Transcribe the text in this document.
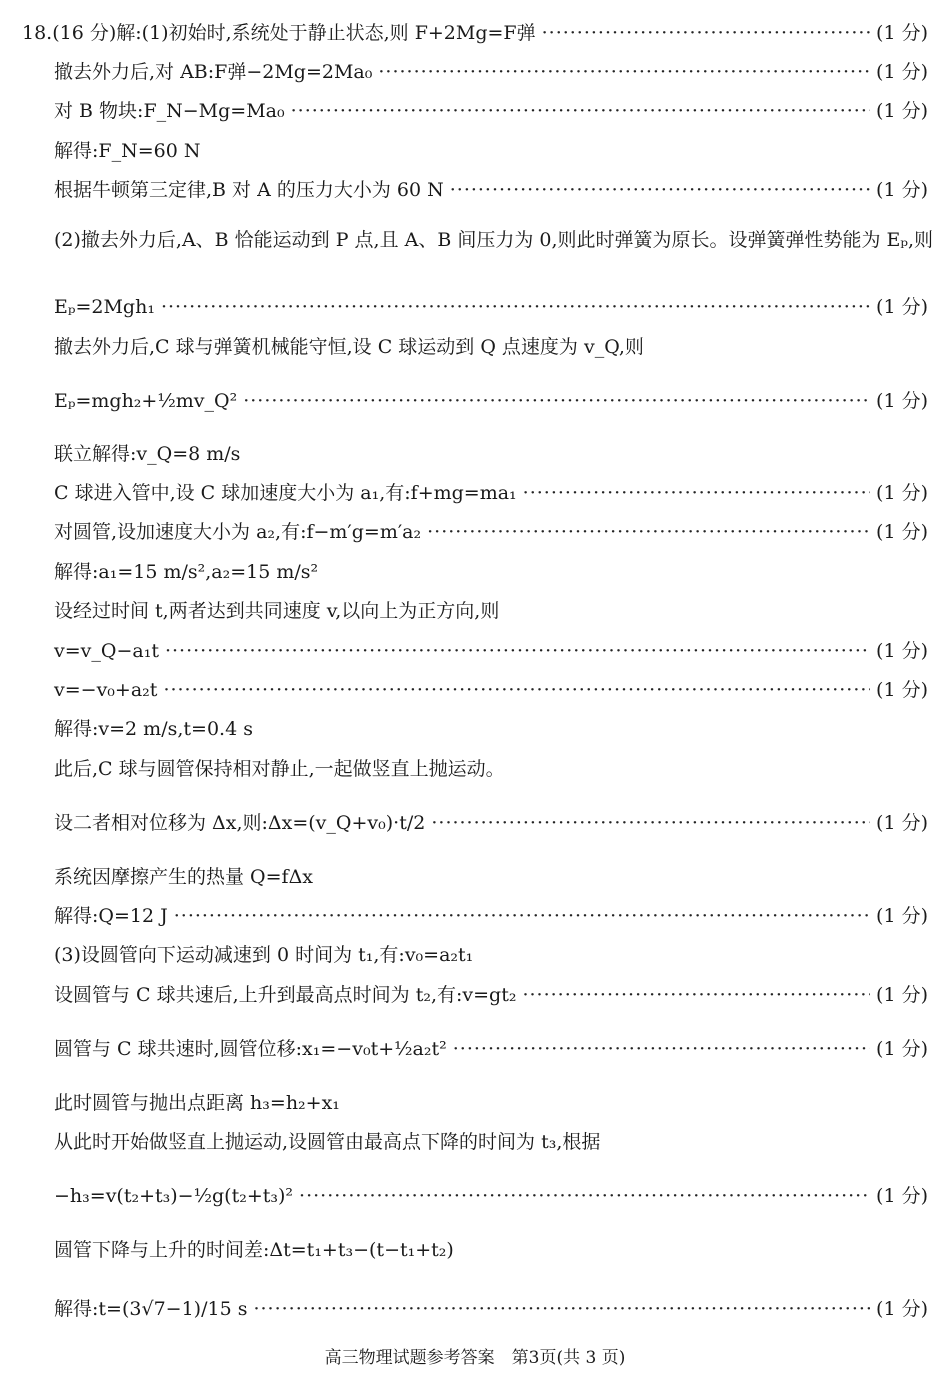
18.(16 分)解:(1)初始时,系统处于静止状态,则 F+2Mg=F弹 ·····	(1 分)
撤去外力后,对 AB:F弹−2Mg=2Ma₀ ·····	(1 分)
对 B 物块:F_N−Mg=Ma₀ ·····	(1 分)
解得:F_N=60 N
根据牛顿第三定律,B 对 A 的压力大小为 60 N ·····	(1 分)
(2)撤去外力后,A、B 恰能运动到 P 点,且 A、B 间压力为 0,则此时弹簧为原长。设弹簧弹性势能为 Eₚ,则
Eₚ=2Mgh₁ ·····	(1 分)
撤去外力后,C 球与弹簧机械能守恒,设 C 球运动到 Q 点速度为 v_Q,则
Eₚ=mgh₂+½mv_Q² ·····	(1 分)
联立解得:v_Q=8 m/s
C 球进入管中,设 C 球加速度大小为 a₁,有:f+mg=ma₁ ·····	(1 分)
对圆管,设加速度大小为 a₂,有:f−m′g=m′a₂ ·····	(1 分)
解得:a₁=15 m/s²,a₂=15 m/s²
设经过时间 t,两者达到共同速度 v,以向上为正方向,则
v=v_Q−a₁t ·····	(1 分)
v=−v₀+a₂t ·····	(1 分)
解得:v=2 m/s,t=0.4 s
此后,C 球与圆管保持相对静止,一起做竖直上抛运动。
设二者相对位移为 Δx,则:Δx=(v_Q+v₀)·t/2 ·····	(1 分)
系统因摩擦产生的热量 Q=fΔx
解得:Q=12 J ·····	(1 分)
(3)设圆管向下运动减速到 0 时间为 t₁,有:v₀=a₂t₁
设圆管与 C 球共速后,上升到最高点时间为 t₂,有:v=gt₂ ·····	(1 分)
圆管与 C 球共速时,圆管位移:x₁=−v₀t+½a₂t² ·····	(1 分)
此时圆管与抛出点距离 h₃=h₂+x₁
从此时开始做竖直上抛运动,设圆管由最高点下降的时间为 t₃,根据
−h₃=v(t₂+t₃)−½g(t₂+t₃)² ·····	(1 分)
圆管下降与上升的时间差:Δt=t₁+t₃−(t−t₁+t₂)
解得:t=(3√7−1)/15 s ·····	(1 分)
高三物理试题参考答案　第3页(共 3 页)
